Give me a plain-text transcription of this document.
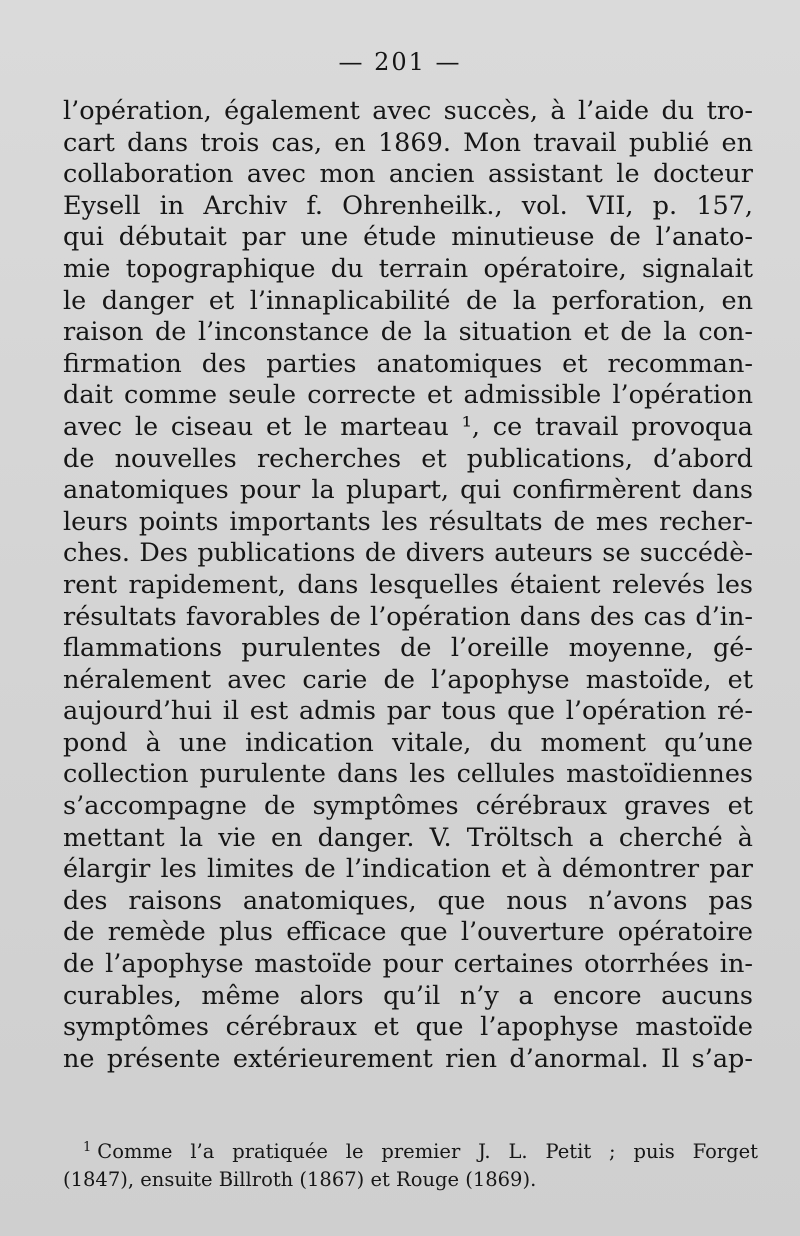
— 201 —
l’opération, également avec succès, à l’aide du tro-
cart dans trois cas, en 1869. Mon travail publié en
collaboration avec mon ancien assistant le docteur
Eysell in Archiv f. Ohrenheilk., vol. VII, p. 157,
qui débutait par une étude minutieuse de l’anato-
mie topographique du terrain opératoire, signalait
le danger et l’innaplicabilité de la perforation, en
raison de l’inconstance de la situation et de la con-
firmation des parties anatomiques et recomman-
dait comme seule correcte et admissible l’opération
avec le ciseau et le marteau ¹, ce travail provoqua
de nouvelles recherches et publications, d’abord
anatomiques pour la plupart, qui confirmèrent dans
leurs points importants les résultats de mes recher-
ches. Des publications de divers auteurs se succédè-
rent rapidement, dans lesquelles étaient relevés les
résultats favorables de l’opération dans des cas d’in-
flammations purulentes de l’oreille moyenne, gé-
néralement avec carie de l’apophyse mastoïde, et
aujourd’hui il est admis par tous que l’opération ré-
pond à une indication vitale, du moment qu’une
collection purulente dans les cellules mastoïdiennes
s’accompagne de symptômes cérébraux graves et
mettant la vie en danger. V. Tröltsch a cherché à
élargir les limites de l’indication et à démontrer par
des raisons anatomiques, que nous n’avons pas
de remède plus efficace que l’ouverture opératoire
de l’apophyse mastoïde pour certaines otorrhées in-
curables, même alors qu’il n’y a encore aucuns
symptômes cérébraux et que l’apophyse mastoïde
ne présente extérieurement rien d’anormal. Il s’ap-
$^1$ Comme l’a pratiquée le premier J. L. Petit ; puis Forget
(1847), ensuite Billroth (1867) et Rouge (1869).
